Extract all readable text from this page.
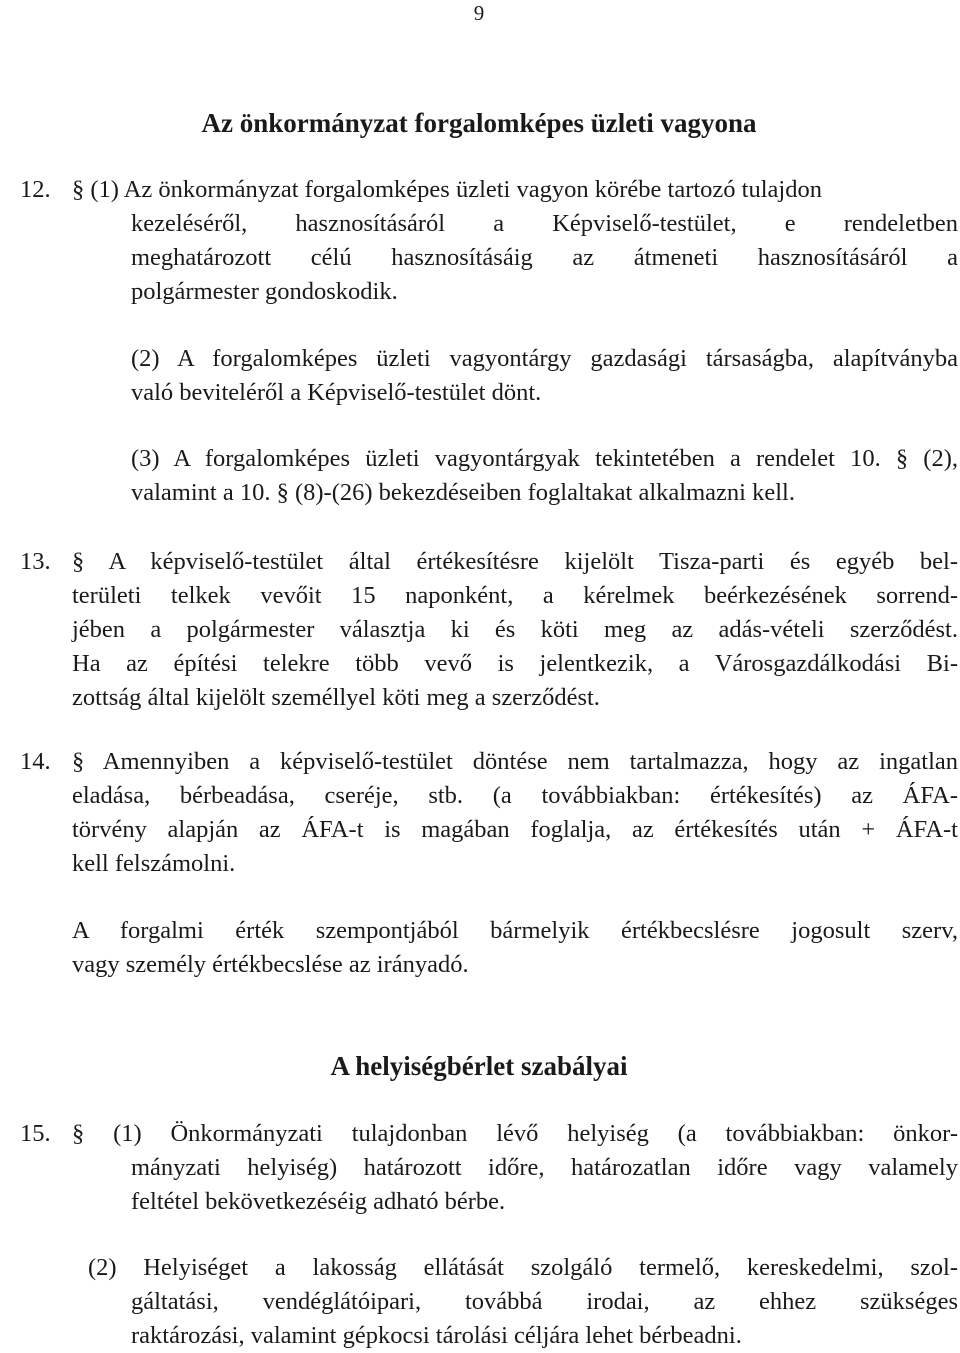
9
Az önkormányzat forgalomképes üzleti vagyona
12. § (1) Az önkormányzat forgalomképes üzleti vagyon körébe tartozó tulajdon
kezeléséről, hasznosításáról a Képviselő-testület, e rendeletben
meghatározott célú hasznosításáig az átmeneti hasznosításáról a
polgármester gondoskodik.
(2) A forgalomképes üzleti vagyontárgy gazdasági társaságba, alapítványba
való beviteléről a Képviselő-testület dönt.
(3) A forgalomképes üzleti vagyontárgyak tekintetében a rendelet 10. § (2),
valamint a 10. § (8)-(26) bekezdéseiben foglaltakat alkalmazni kell.
13. § A képviselő-testület által értékesítésre kijelölt Tisza-parti és egyéb bel-
területi telkek vevőit 15 naponként, a kérelmek beérkezésének sorrend-
jében a polgármester választja ki és köti meg az adás-vételi szerződést.
Ha az építési telekre több vevő is jelentkezik, a Városgazdálkodási Bi-
zottság által kijelölt személlyel köti meg a szerződést.
14. § Amennyiben a képviselő-testület döntése nem tartalmazza, hogy az ingatlan
eladása, bérbeadása, cseréje, stb. (a továbbiakban: értékesítés) az ÁFA-
törvény alapján az ÁFA-t is magában foglalja, az értékesítés után + ÁFA-t
kell felszámolni.
A forgalmi érték szempontjából bármelyik értékbecslésre jogosult szerv,
vagy személy értékbecslése az irányadó.
A helyiségbérlet szabályai
15. § (1) Önkormányzati tulajdonban lévő helyiség (a továbbiakban: önkor-
mányzati helyiség) határozott időre, határozatlan időre vagy valamely
feltétel bekövetkezéséig adható bérbe.
(2) Helyiséget a lakosság ellátását szolgáló termelő, kereskedelmi, szol-
gáltatási, vendéglátóipari, továbbá irodai, az ehhez szükséges
raktározási, valamint gépkocsi tárolási céljára lehet bérbeadni.
